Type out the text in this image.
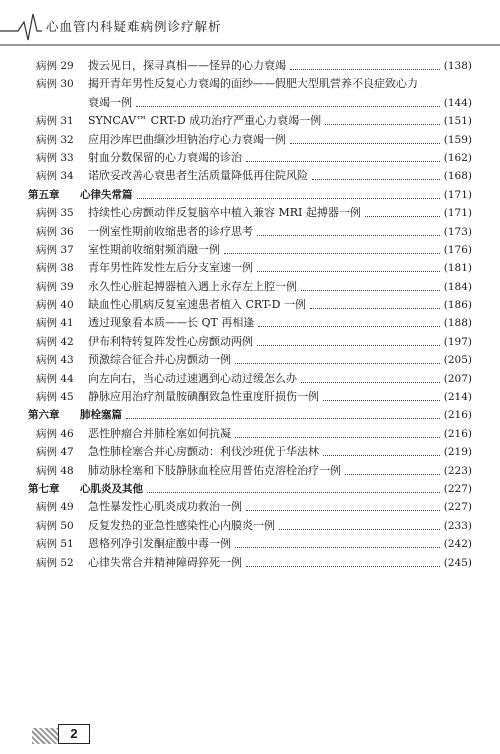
心血管内科疑难病例诊疗解析
病例 29	拨云见日，探寻真相——怪异的心力衰竭	(138)
病例 30	揭开青年男性反复心力衰竭的面纱——假肥大型肌营养不良症致心力
衰竭一例	(144)
病例 31	SYNCAV™ CRT-D 成功治疗严重心力衰竭一例	(151)
病例 32	应用沙库巴曲缬沙坦钠治疗心力衰竭一例	(159)
病例 33	射血分数保留的心力衰竭的诊治	(162)
病例 34	诺欣妥改善心衰患者生活质量降低再住院风险	(168)
第五章 心律失常篇	(171)
病例 35	持续性心房颤动伴反复脑卒中植入兼容 MRI 起搏器一例	(171)
病例 36	一例室性期前收缩患者的诊疗思考	(173)
病例 37	室性期前收缩射频消融一例	(176)
病例 38	青年男性阵发性左后分支室速一例	(181)
病例 39	永久性心脏起搏器植入遇上永存左上腔一例	(184)
病例 40	缺血性心肌病反复室速患者植入 CRT-D 一例	(186)
病例 41	透过现象看本质——长 QT 再相逢	(188)
病例 42	伊布利特转复阵发性心房颤动两例	(197)
病例 43	预激综合征合并心房颤动一例	(205)
病例 44	向左向右，当心动过速遇到心动过缓怎么办	(207)
病例 45	静脉应用治疗剂量胺碘酮致急性重度肝损伤一例	(214)
第六章 肺栓塞篇	(216)
病例 46	恶性肿瘤合并肺栓塞如何抗凝	(216)
病例 47	急性肺栓塞合并心房颤动：利伐沙班优于华法林	(219)
病例 48	肺动脉栓塞和下肢静脉血栓应用普佑克溶栓治疗一例	(223)
第七章 心肌炎及其他	(227)
病例 49	急性暴发性心肌炎成功救治一例	(227)
病例 50	反复发热的亚急性感染性心内膜炎一例	(233)
病例 51	恩格列净引发酮症酸中毒一例	(242)
病例 52	心律失常合并精神障碍猝死一例	(245)
2
